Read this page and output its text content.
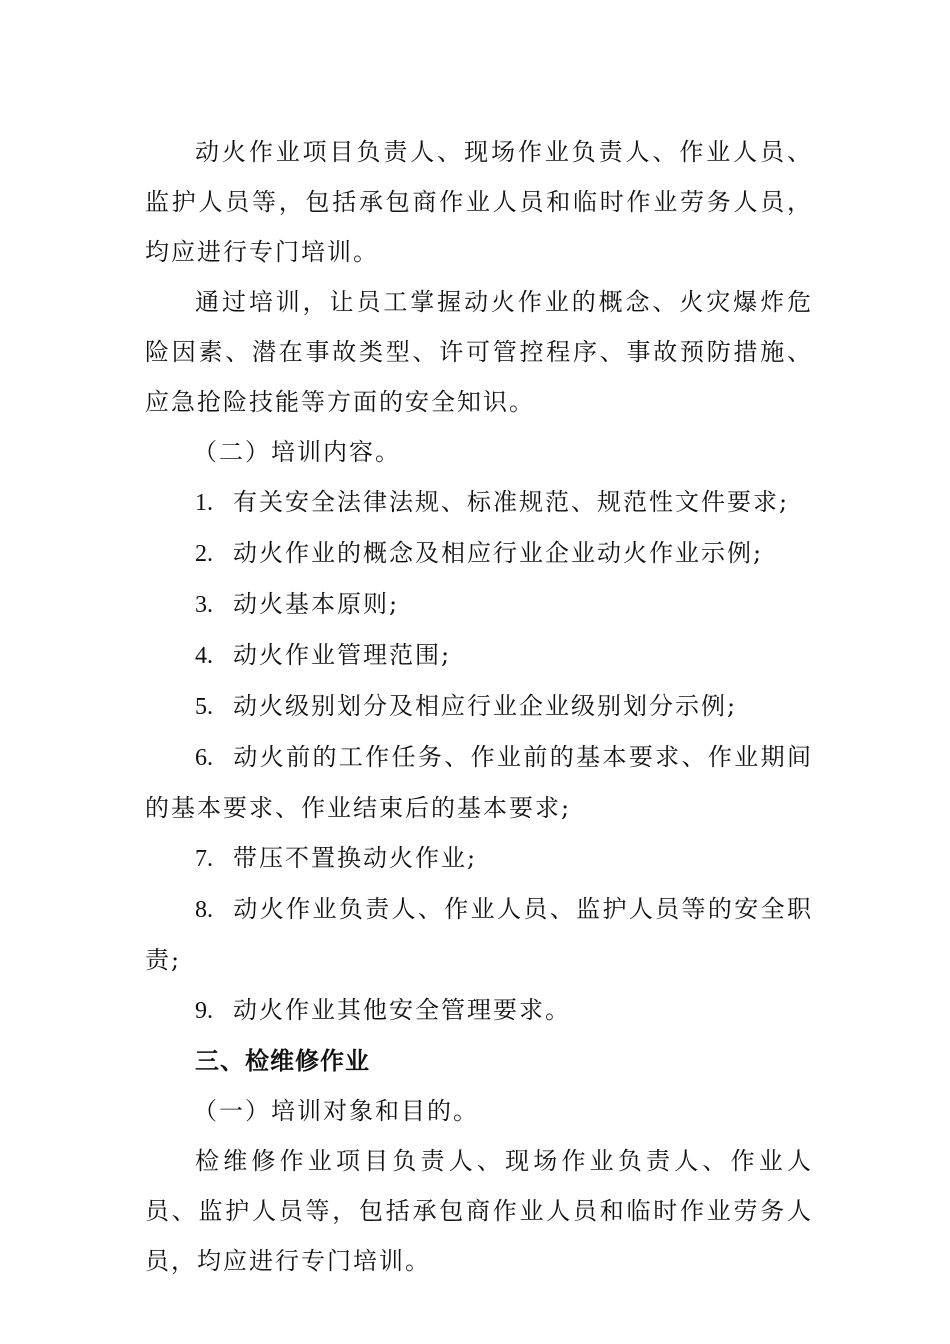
动火作业项目负责人、现场作业负责人、作业人员、监护人员等，包括承包商作业人员和临时作业劳务人员，均应进行专门培训。

通过培训，让员工掌握动火作业的概念、火灾爆炸危险因素、潜在事故类型、许可管控程序、事故预防措施、应急抢险技能等方面的安全知识。

（二）培训内容。

1. 有关安全法律法规、标准规范、规范性文件要求;

2. 动火作业的概念及相应行业企业动火作业示例;

3. 动火基本原则;

4. 动火作业管理范围;

5. 动火级别划分及相应行业企业级别划分示例;

6. 动火前的工作任务、作业前的基本要求、作业期间的基本要求、作业结束后的基本要求;

7. 带压不置换动火作业;

8. 动火作业负责人、作业人员、监护人员等的安全职责;

9. 动火作业其他安全管理要求。

三、检维修作业

（一）培训对象和目的。

检维修作业项目负责人、现场作业负责人、作业人员、监护人员等，包括承包商作业人员和临时作业劳务人员，均应进行专门培训。
